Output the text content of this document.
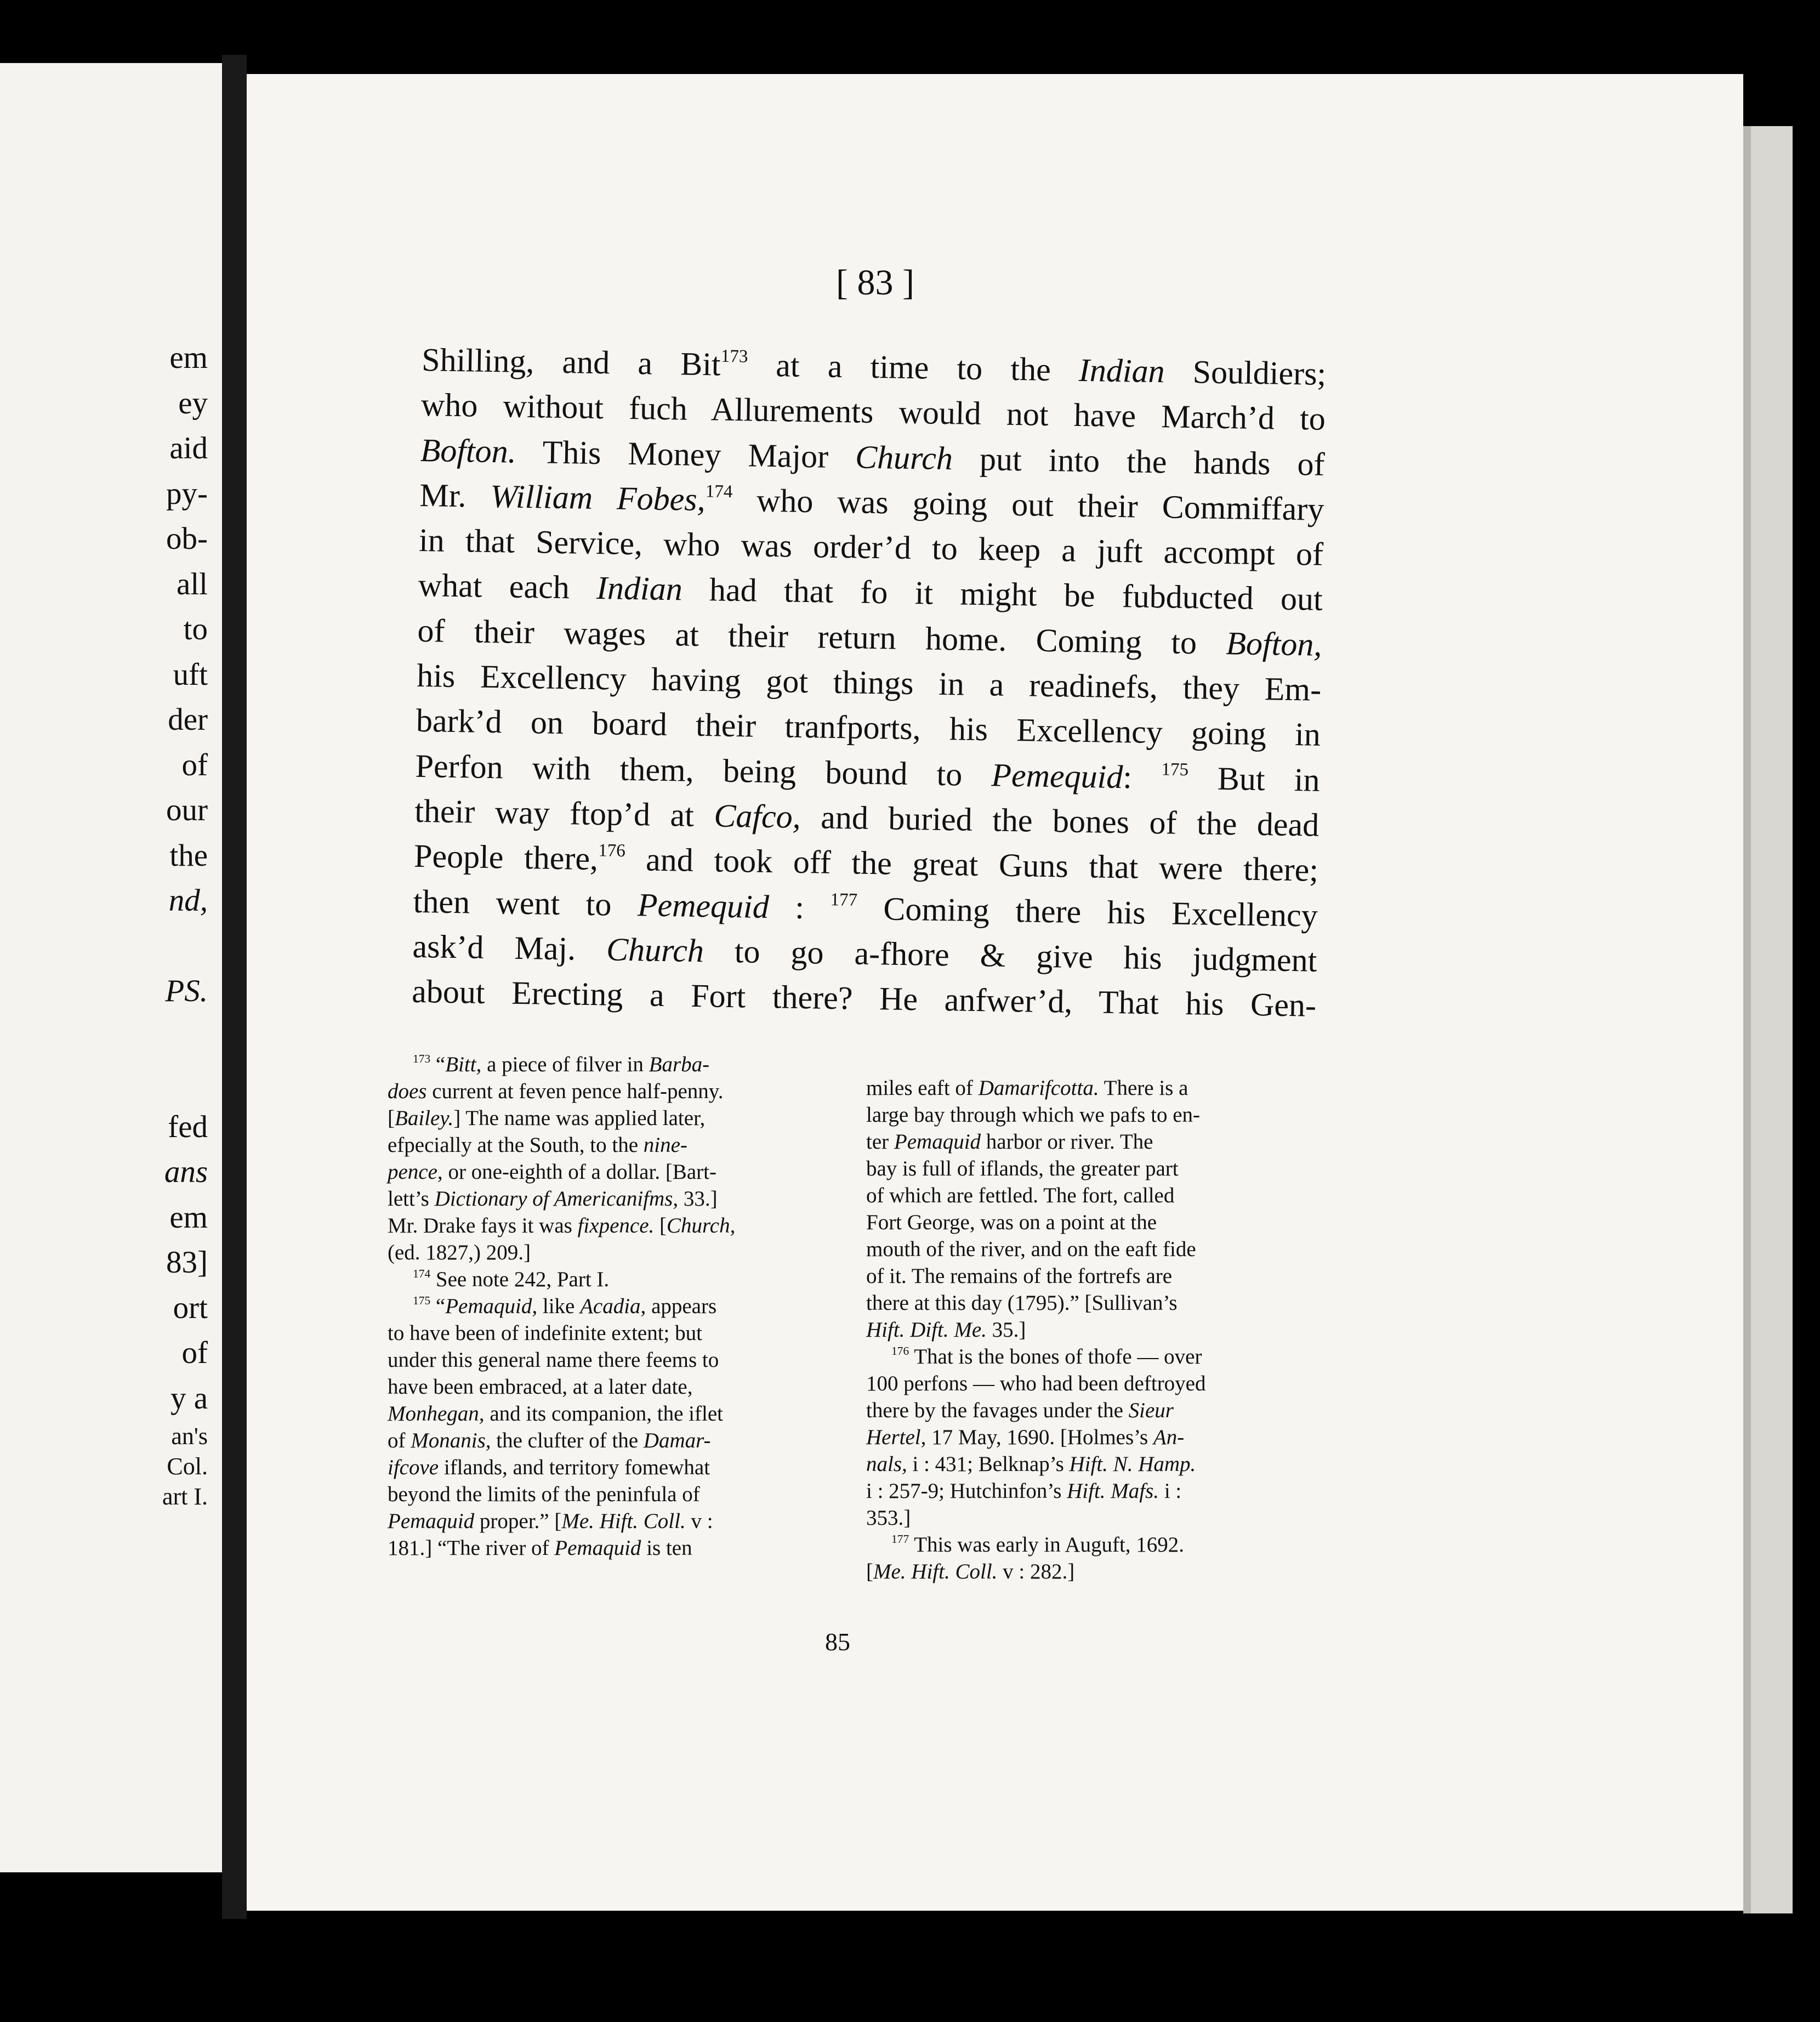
em
ey
aid
py-
ob-
all
to
uft
der
of
our
the
nd,

PS.

fed
ans
em
83]
ort
of
y a
an's
Col.
art I.
[ 83 ]
Shilling, and a Bit$^{173}$ at a time to the Indian Souldiers;
who without fuch Allurements would not have March’d to
Bofton. This Money Major Church put into the hands of
Mr. William Fobes,$^{174}$ who was going out their Commiffary
in that Service, who was order’d to keep a juft accompt of
what each Indian had that fo it might be fubducted out
of their wages at their return home. Coming to Bofton,
his Excellency having got things in a readinefs, they Em-
bark’d on board their tranfports, his Excellency going in
Perfon with them, being bound to Pemequid: $^{175}$ But in
their way ftop’d at Cafco, and buried the bones of the dead
People there,$^{176}$ and took off the great Guns that were there;
then went to Pemequid : $^{177}$ Coming there his Excellency
ask’d Maj. Church to go a-fhore & give his judgment
about Erecting a Fort there? He anfwer’d, That his Gen-

$^{173}$ “Bitt, a piece of filver in Barba-

does current at feven pence half-penny.

[Bailey.] The name was applied later,

efpecially at the South, to the nine-

pence, or one-eighth of a dollar. [Bart-

lett’s Dictionary of Americanifms, 33.]

Mr. Drake fays it was fixpence. [Church,

(ed. 1827,) 209.]

$^{174}$ See note 242, Part I.

$^{175}$ “Pemaquid, like Acadia, appears

to have been of indefinite extent; but

under this general name there feems to

have been embraced, at a later date,

Monhegan, and its companion, the iflet

of Monanis, the clufter of the Damar-

ifcove iflands, and territory fomewhat

beyond the limits of the peninfula of

Pemaquid proper.” [Me. Hift. Coll. v :

181.] “The river of Pemaquid is ten

miles eaft of Damarifcotta. There is a

large bay through which we pafs to en-

ter Pemaquid harbor or river. The

bay is full of iflands, the greater part

of which are fettled. The fort, called

Fort George, was on a point at the

mouth of the river, and on the eaft fide

of it. The remains of the fortrefs are

there at this day (1795).” [Sullivan’s

Hift. Dift. Me. 35.]

$^{176}$ That is the bones of thofe — over

100 perfons — who had been deftroyed

there by the favages under the Sieur

Hertel, 17 May, 1690. [Holmes’s An-

nals, i : 431; Belknap’s Hift. N. Hamp.

i : 257-9; Hutchinfon’s Hift. Mafs. i :

353.]

$^{177}$ This was early in Auguft, 1692.

[Me. Hift. Coll. v : 282.]

85
